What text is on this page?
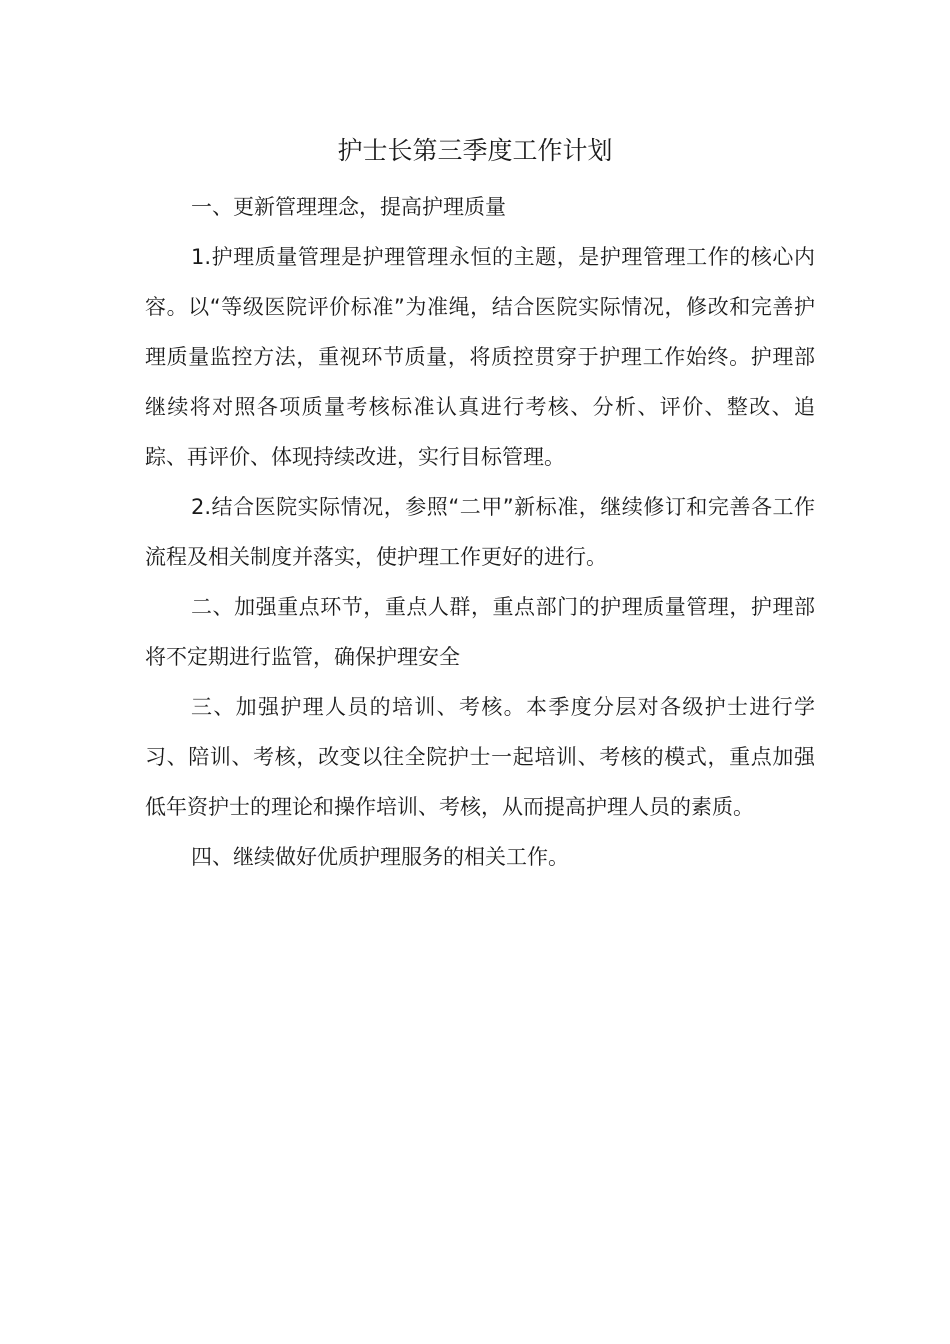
护士长第三季度工作计划

一、更新管理理念，提高护理质量

1.护理质量管理是护理管理永恒的主题，是护理管理工作的核心内容。以“等级医院评价标准”为准绳，结合医院实际情况，修改和完善护理质量监控方法，重视环节质量，将质控贯穿于护理工作始终。护理部继续将对照各项质量考核标准认真进行考核、分析、评价、整改、追踪、再评价、体现持续改进，实行目标管理。

2.结合医院实际情况，参照“二甲”新标准，继续修订和完善各工作流程及相关制度并落实，使护理工作更好的进行。

二、加强重点环节，重点人群，重点部门的护理质量管理，护理部将不定期进行监管，确保护理安全

三、加强护理人员的培训、考核。本季度分层对各级护士进行学习、陪训、考核，改变以往全院护士一起培训、考核的模式，重点加强低年资护士的理论和操作培训、考核，从而提高护理人员的素质。

四、继续做好优质护理服务的相关工作。
